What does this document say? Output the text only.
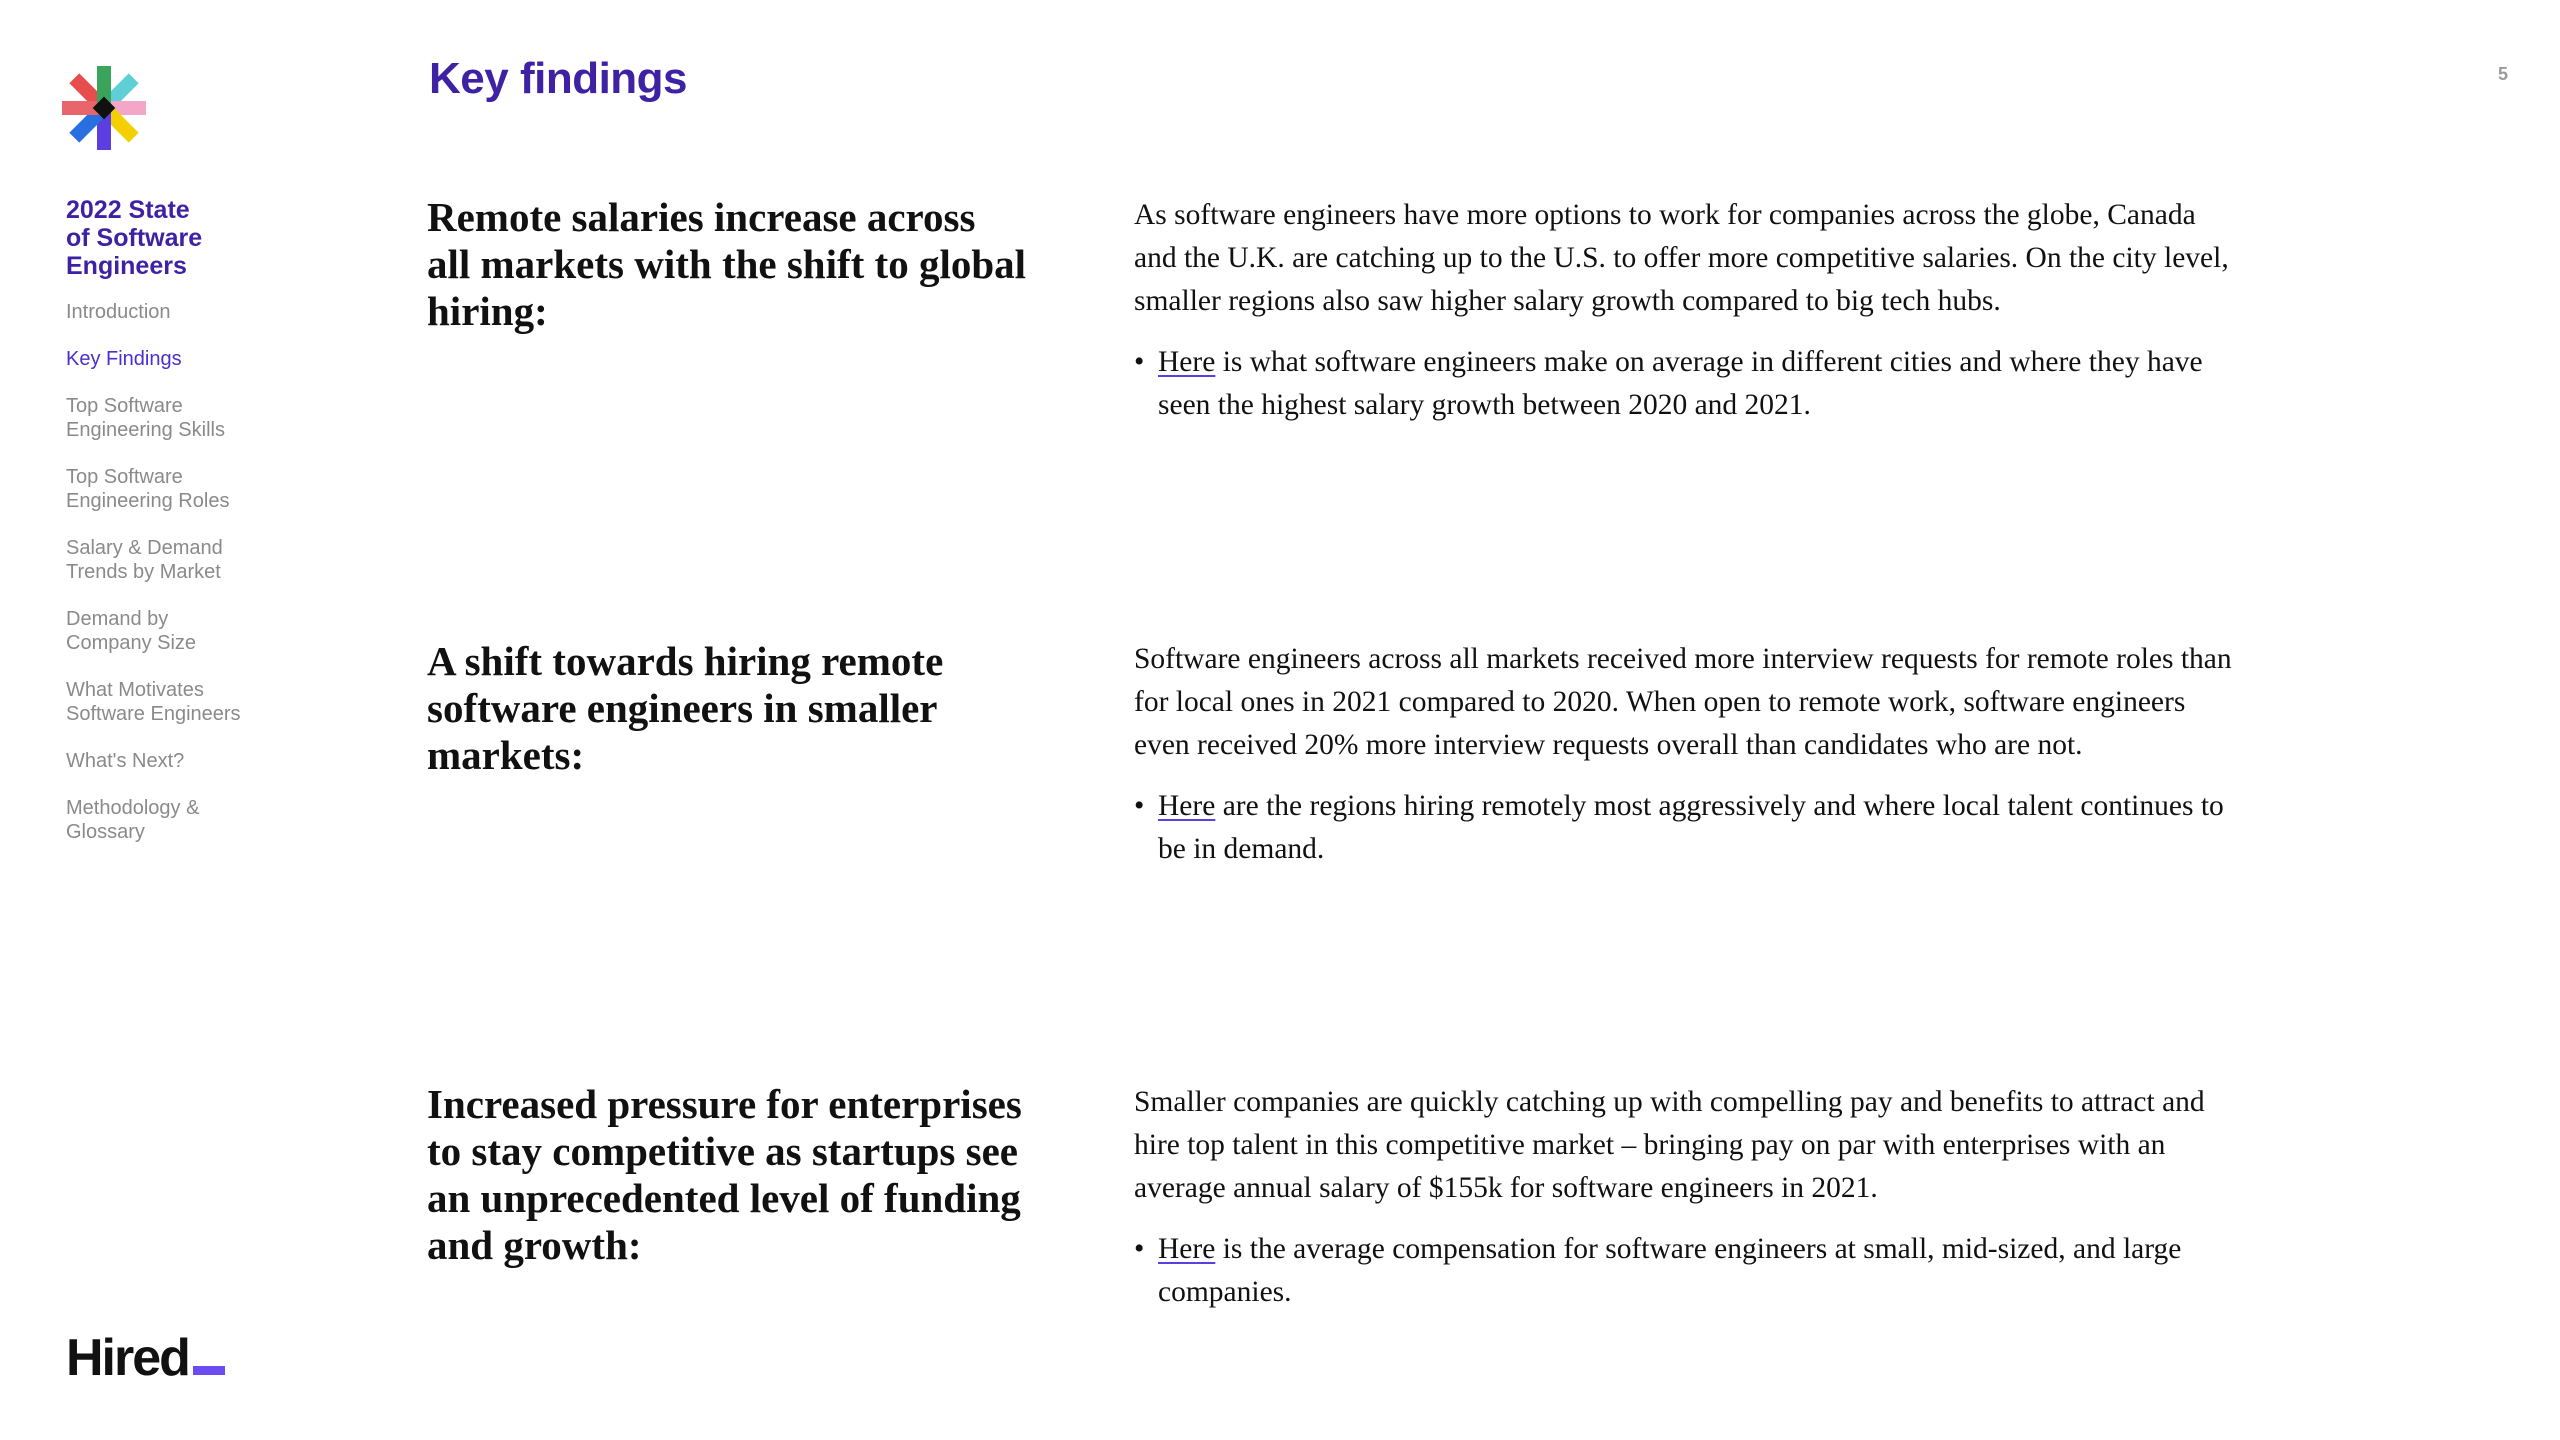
2022 State of Software Engineers
Introduction
Key Findings
Top Software Engineering Skills
Top Software Engineering Roles
Salary & Demand Trends by Market
Demand by Company Size
What Motivates Software Engineers
What's Next?
Methodology & Glossary
Hired
5
Key findings
Remote salaries increase across all markets with the shift to global hiring:

As software engineers have more options to work for companies across the globe, Canada and the U.K. are catching up to the U.S. to offer more competitive salaries. On the city level, smaller regions also saw higher salary growth compared to big tech hubs.

• Here is what software engineers make on average in different cities and where they have seen the highest salary growth between 2020 and 2021.
A shift towards hiring remote software engineers in smaller markets:

Software engineers across all markets received more interview requests for remote roles than for local ones in 2021 compared to 2020. When open to remote work, software engineers even received 20% more interview requests overall than candidates who are not.

• Here are the regions hiring remotely most aggressively and where local talent continues to be in demand.
Increased pressure for enterprises to stay competitive as startups see an unprecedented level of funding and growth:

Smaller companies are quickly catching up with compelling pay and benefits to attract and hire top talent in this competitive market – bringing pay on par with enterprises with an average annual salary of $155k for software engineers in 2021.

• Here is the average compensation for software engineers at small, mid-sized, and large companies.
